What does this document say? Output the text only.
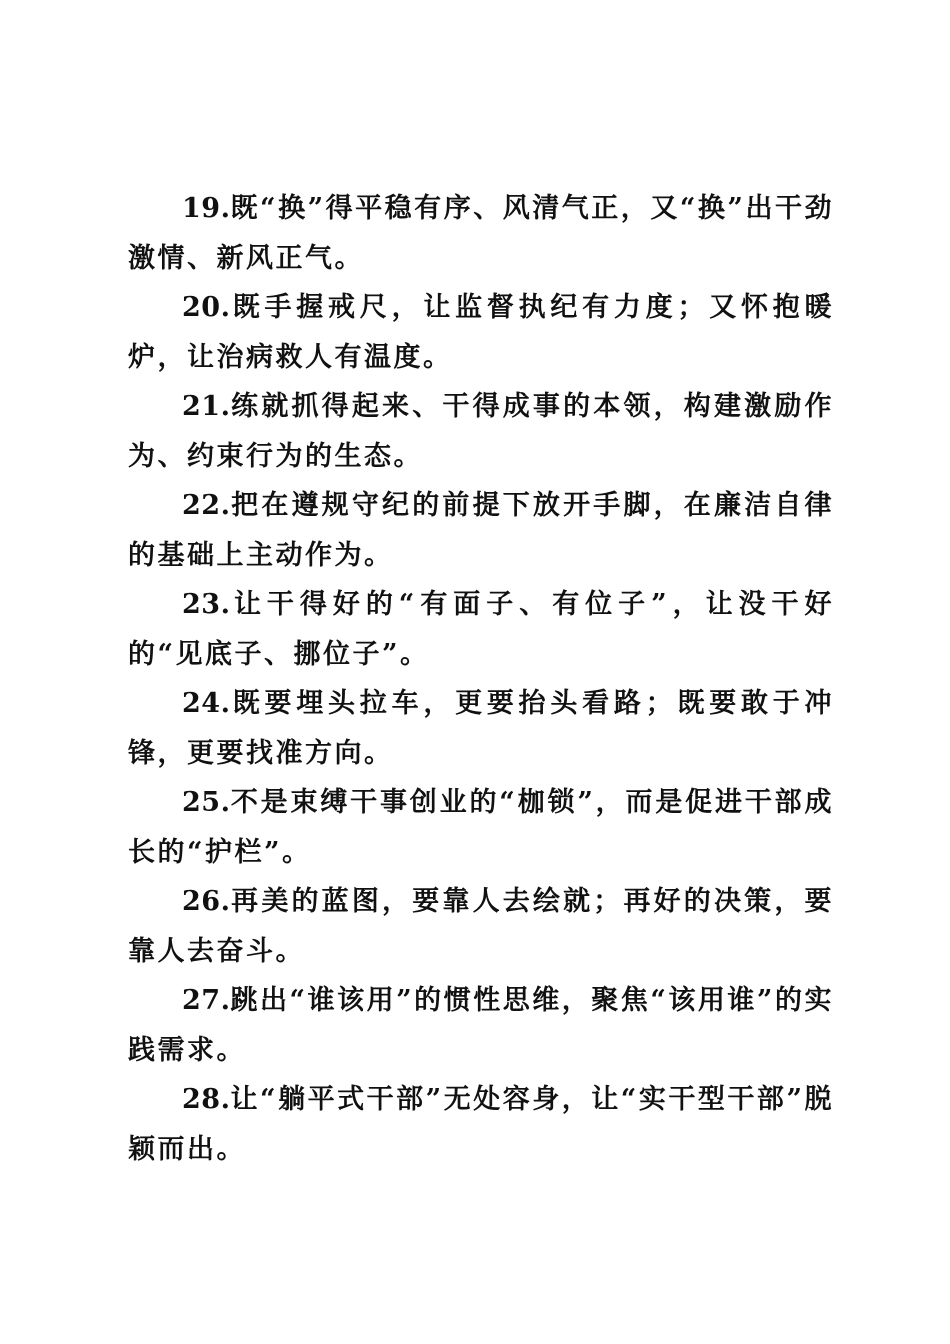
19.既“换”得平稳有序、风清气正，又“换”出干劲激情、新风正气。

20.既手握戒尺，让监督执纪有力度；又怀抱暖炉，让治病救人有温度。

21.练就抓得起来、干得成事的本领，构建激励作为、约束行为的生态。

22.把在遵规守纪的前提下放开手脚，在廉洁自律的基础上主动作为。

23.让干得好的“有面子、有位子”，让没干好的“见底子、挪位子”。

24.既要埋头拉车，更要抬头看路；既要敢于冲锋，更要找准方向。

25.不是束缚干事创业的“枷锁”，而是促进干部成长的“护栏”。

26.再美的蓝图，要靠人去绘就；再好的决策，要靠人去奋斗。

27.跳出“谁该用”的惯性思维，聚焦“该用谁”的实践需求。

28.让“躺平式干部”无处容身，让“实干型干部”脱颖而出。
